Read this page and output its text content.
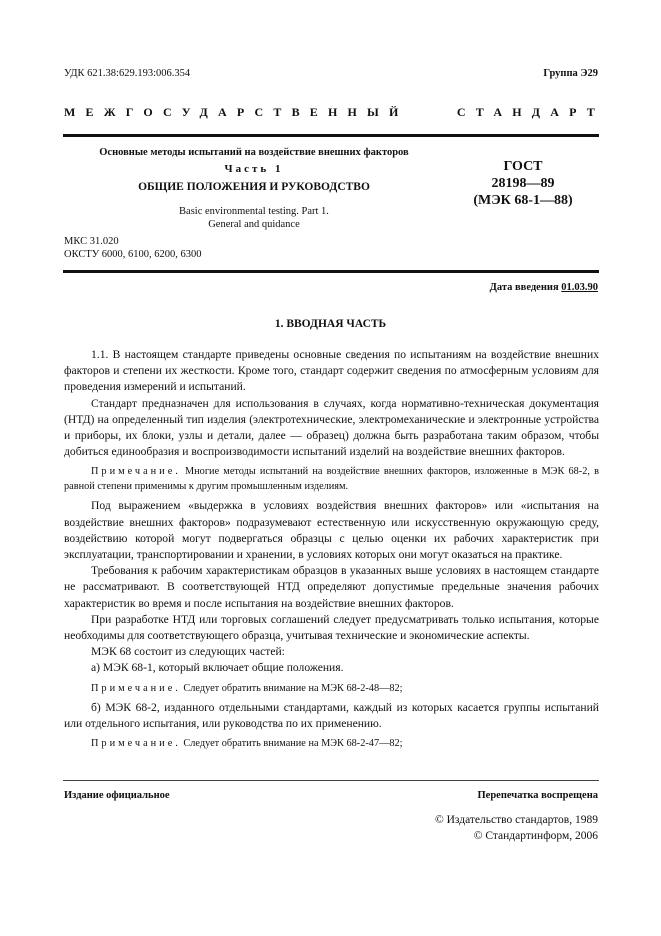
УДК 621.38:629.193:006.354	Группа Э29
МЕЖГОСУДАРСТВЕННЫЙ	СТАНДАРТ
Основные методы испытаний на воздействие внешних факторов
Часть 1
ОБЩИЕ ПОЛОЖЕНИЯ И РУКОВОДСТВО
Basic environmental testing. Part 1.
General and quidance
ГОСТ
28198—89
(МЭК 68-1—88)
МКС 31.020
ОКСТУ 6000, 6100, 6200, 6300
Дата введения 01.03.90
1. ВВОДНАЯ ЧАСТЬ

1.1. В настоящем стандарте приведены основные сведения по испытаниям на воздействие внешних факторов и степени их жесткости. Кроме того, стандарт содержит сведения по атмосферным условиям для проведения измерений и испытаний.

Стандарт предназначен для использования в случаях, когда нормативно-техническая документация (НТД) на определенный тип изделия (электротехнические, электромеханические и электронные устройства и приборы, их блоки, узлы и детали, далее — образец) должна быть разработана таким образом, чтобы добиться единообразия и воспроизводимости испытаний изделий на воздействие внешних факторов.

Примечание. Многие методы испытаний на воздействие внешних факторов, изложенные в МЭК 68-2, в равной степени применимы к другим промышленным изделиям.

Под выражением «выдержка в условиях воздействия внешних факторов» или «испытания на воздействие внешних факторов» подразумевают естественную или искусственную окружающую среду, воздействию которой могут подвергаться образцы с целью оценки их рабочих характеристик при эксплуатации, транспортировании и хранении, в условиях которых они могут оказаться на практике.

Требования к рабочим характеристикам образцов в указанных выше условиях в настоящем стандарте не рассматривают. В соответствующей НТД определяют допустимые предельные значения рабочих характеристик во время и после испытания на воздействие внешних факторов.

При разработке НТД или торговых соглашений следует предусматривать только испытания, которые необходимы для соответствующего образца, учитывая технические и экономические аспекты.

МЭК 68 состоит из следующих частей:

а) МЭК 68-1, который включает общие положения.

Примечание. Следует обратить внимание на МЭК 68-2-48—82;

б) МЭК 68-2, изданного отдельными стандартами, каждый из которых касается группы испытаний или отдельного испытания, или руководства по их применению.

Примечание. Следует обратить внимание на МЭК 68-2-47—82;

Издание официальное	Перепечатка воспрещена
© Издательство стандартов, 1989
© Стандартинформ, 2006
